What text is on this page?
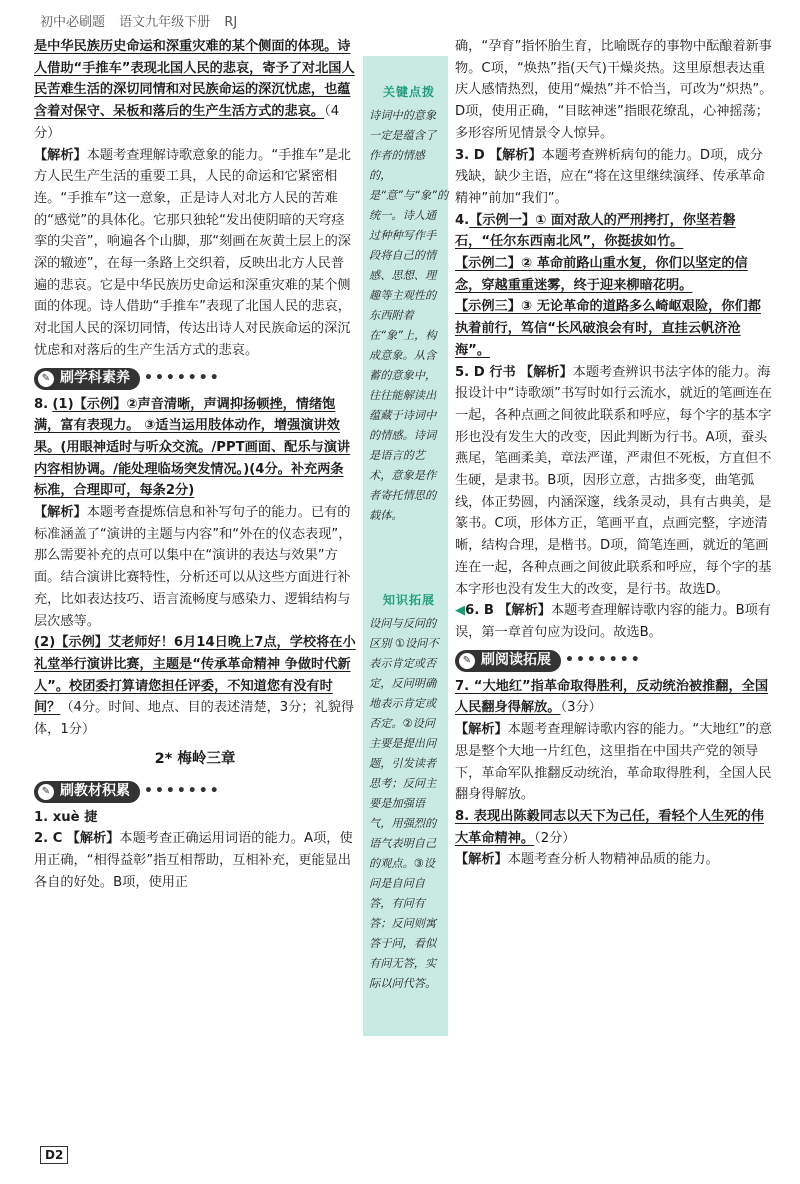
初中必刷题 语文九年级下册 RJ

是中华民族历史命运和深重灾难的某个侧面的体现。诗人借助“手推车”表现北国人民的悲哀，寄予了对北国人民苦难生活的深切同情和对民族命运的深沉忧虑，也蕴含着对保守、呆板和落后的生产生活方式的悲哀。（4分）

【解析】本题考查理解诗歌意象的能力。“手推车”是北方人民生产生活的重要工具，人民的命运和它紧密相连。“手推车”这一意象，正是诗人对北方人民的苦难的“感觉”的具体化。它那只独轮“发出使阴暗的天穹痉挛的尖音”，响遍各个山脚，那“刻画在灰黄土层上的深深的辙迹”，在每一条路上交织着，反映出北方人民普遍的悲哀。它是中华民族历史命运和深重灾难的某个侧面的体现。诗人借助“手推车”表现了北国人民的悲哀，对北国人民的深切同情，传达出诗人对民族命运的深沉忧虑和对落后的生产生活方式的悲哀。

✎ 刷学科素养 •••••••

8. (1)【示例】②声音清晰，声调抑扬顿挫，情绪饱满，富有表现力。 ③适当运用肢体动作，增强演讲效果。(用眼神适时与听众交流。/PPT画面、配乐与演讲内容相协调。/能处理临场突发情况。)(4分。补充两条标准，合理即可，每条2分)

【解析】本题考查提炼信息和补写句子的能力。已有的标准涵盖了“演讲的主题与内容”和“外在的仪态表现”，那么需要补充的点可以集中在“演讲的表达与效果”方面。结合演讲比赛特性，分析还可以从这些方面进行补充，比如表达技巧、语言流畅度与感染力、逻辑结构与层次感等。

(2)【示例】艾老师好！6月14日晚上7点，学校将在小礼堂举行演讲比赛，主题是“传承革命精神 争做时代新人”。校团委打算请您担任评委，不知道您有没有时间？（4分。时间、地点、目的表述清楚，3分；礼貌得体，1分）

2* 梅岭三章
✎ 刷教材积累 •••••••

1. xuè 捷

2. C 【解析】本题考查正确运用词语的能力。A项，使用正确，“相得益彰”指互相帮助，互相补充，更能显出各自的好处。B项，使用正

关键点拨

诗词中的意象一定是蕴含了作者的情感的，是“意”与“象”的统一。诗人通过种种写作手段将自己的情感、思想、理趣等主观性的东西附着在“象”上，构成意象。从含蓄的意象中，往往能解读出蕴藏于诗词中的情感。诗词是语言的艺术，意象是作者寄托情思的载体。

知识拓展

设问与反问的区别 ①设问不表示肯定或否定，反问明确地表示肯定或否定。②设问主要是提出问题，引发读者思考；反问主要是加强语气，用强烈的语气表明自己的观点。③设问是自问自答，有问有答；反问则寓答于问，看似有问无答，实际以问代答。

确，“孕育”指怀胎生育，比喻既存的事物中酝酿着新事物。C项，“焕热”指(天气)干燥炎热。这里原想表达重庆人感情热烈，使用“燥热”并不恰当，可改为“炽热”。D项，使用正确，“目眩神迷”指眼花缭乱，心神摇荡；多形容所见情景令人惊异。

3. D 【解析】本题考查辨析病句的能力。D项，成分残缺，缺少主语，应在“将在这里继续演绎、传承革命精神”前加“我们”。

4.【示例一】① 面对敌人的严刑拷打，你坚若磐石，“任尔东西南北风”，你挺拔如竹。

【示例二】② 革命前路山重水复，你们以坚定的信念，穿越重重迷雾，终于迎来柳暗花明。

【示例三】③ 无论革命的道路多么崎岖艰险，你们都执着前行，笃信“长风破浪会有时，直挂云帆济沧海”。

5. D 行书 【解析】本题考查辨识书法字体的能力。海报设计中“诗歌颂”书写时如行云流水，就近的笔画连在一起，各种点画之间彼此联系和呼应，每个字的基本字形也没有发生大的改变，因此判断为行书。A项，蚕头燕尾，笔画柔美，章法严谨，严肃但不死板，方直但不生硬，是隶书。B项，因形立意，古拙多变，曲笔弧线，体正势圆，内涵深邃，线条灵动，具有古典美，是篆书。C项，形体方正，笔画平直，点画完整，字迹清晰，结构合理，是楷书。D项，简笔连画，就近的笔画连在一起，各种点画之间彼此联系和呼应，每个字的基本字形也没有发生大的改变，是行书。故选D。

◀6. B 【解析】本题考查理解诗歌内容的能力。B项有误，第一章首句应为设问。故选B。

✎ 刷阅读拓展 •••••••

7. “大地红”指革命取得胜利，反动统治被推翻，全国人民翻身得解放。（3分）

【解析】本题考查理解诗歌内容的能力。“大地红”的意思是整个大地一片红色，这里指在中国共产党的领导下，革命军队推翻反动统治，革命取得胜利，全国人民翻身得解放。

8. 表现出陈毅同志以天下为己任，看轻个人生死的伟大革命精神。（2分）

【解析】本题考查分析人物精神品质的能力。

D2
